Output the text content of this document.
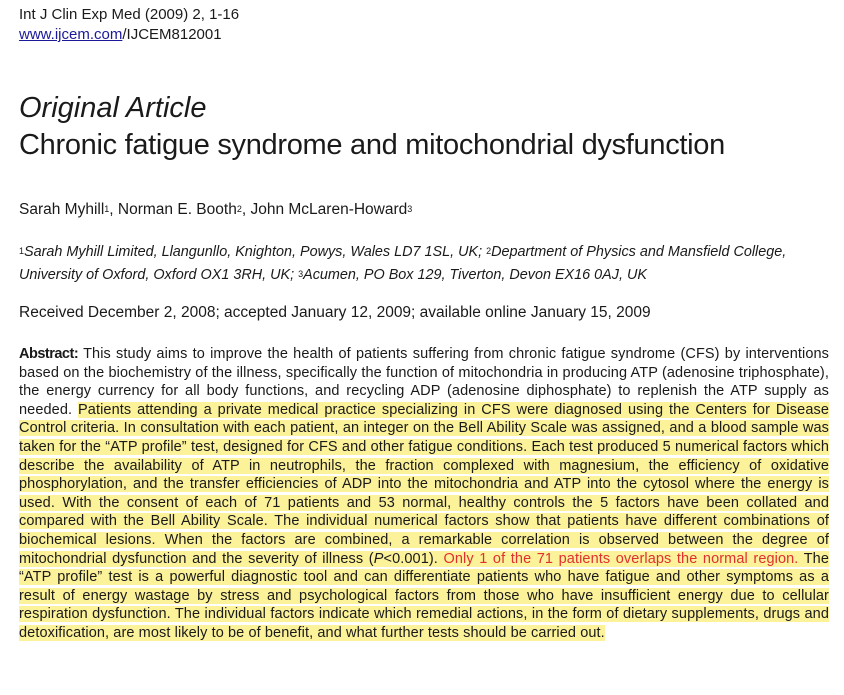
Int J Clin Exp Med (2009) 2, 1-16
www.ijcem.com/IJCEM812001
Original Article
Chronic fatigue syndrome and mitochondrial dysfunction
Sarah Myhill$^1$, Norman E. Booth$^2$, John McLaren-Howard$^3$
$^1$Sarah Myhill Limited, Llangunllo, Knighton, Powys, Wales LD7 1SL, UK; $^2$Department of Physics and Mansfield College, University of Oxford, Oxford OX1 3RH, UK; $^3$Acumen, PO Box 129, Tiverton, Devon EX16 0AJ, UK
Received December 2, 2008; accepted January 12, 2009; available online January 15, 2009
Abstract: This study aims to improve the health of patients suffering from chronic fatigue syndrome (CFS) by interventions based on the biochemistry of the illness, specifically the function of mitochondria in producing ATP (adenosine triphosphate), the energy currency for all body functions, and recycling ADP (adenosine diphosphate) to replenish the ATP supply as needed. Patients attending a private medical practice specializing in CFS were diagnosed using the Centers for Disease Control criteria. In consultation with each patient, an integer on the Bell Ability Scale was assigned, and a blood sample was taken for the “ATP profile” test, designed for CFS and other fatigue conditions. Each test produced 5 numerical factors which describe the availability of ATP in neutrophils, the fraction complexed with magnesium, the efficiency of oxidative phosphorylation, and the transfer efficiencies of ADP into the mitochondria and ATP into the cytosol where the energy is used. With the consent of each of 71 patients and 53 normal, healthy controls the 5 factors have been collated and compared with the Bell Ability Scale. The individual numerical factors show that patients have different combinations of biochemical lesions. When the factors are combined, a remarkable correlation is observed between the degree of mitochondrial dysfunction and the severity of illness (P<0.001). Only 1 of the 71 patients overlaps the normal region. The “ATP profile” test is a powerful diagnostic tool and can differentiate patients who have fatigue and other symptoms as a result of energy wastage by stress and psychological factors from those who have insufficient energy due to cellular respiration dysfunction. The individual factors indicate which remedial actions, in the form of dietary supplements, drugs and detoxification, are most likely to be of benefit, and what further tests should be carried out.
